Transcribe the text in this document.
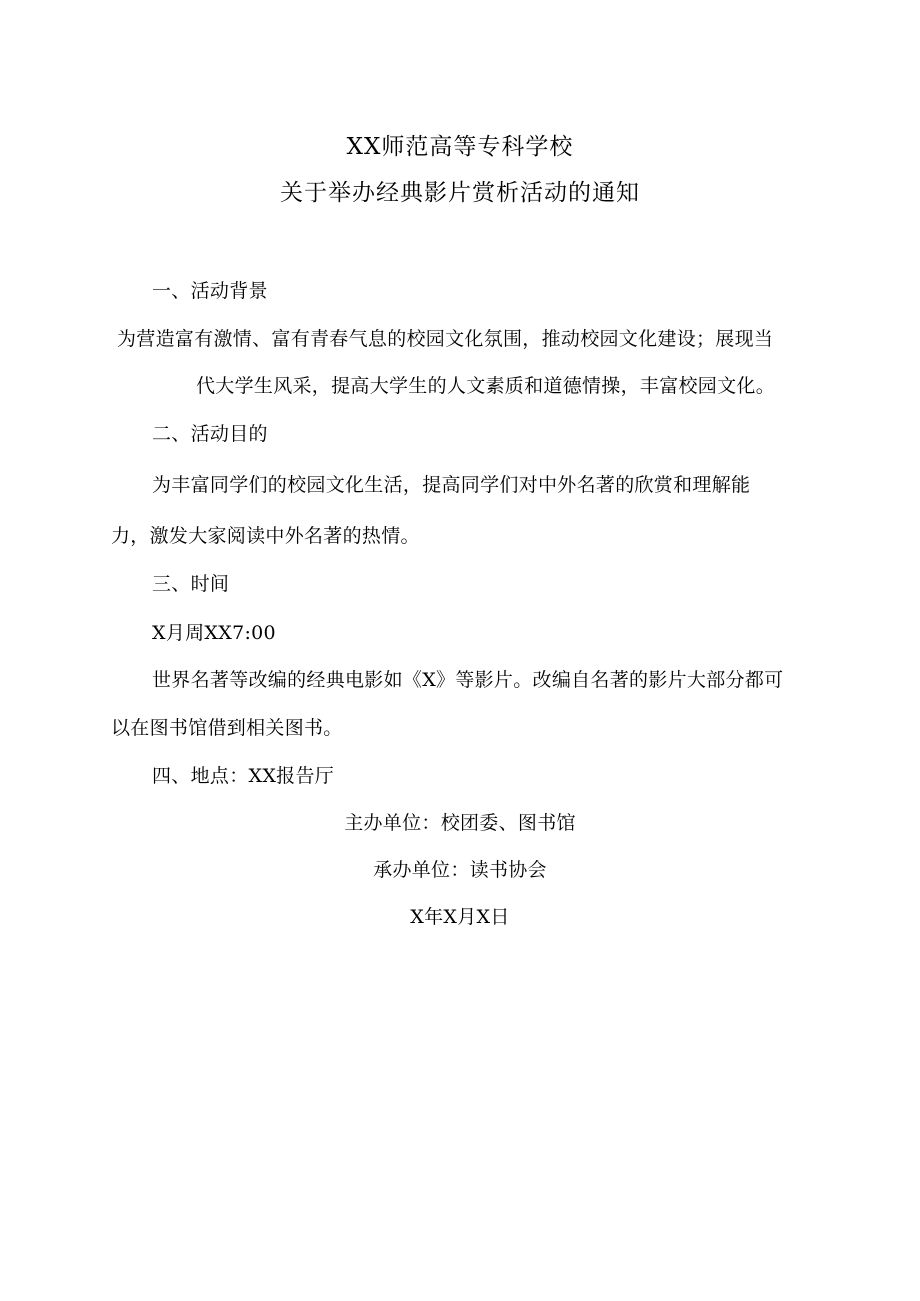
XX师范高等专科学校
关于举办经典影片赏析活动的通知
一、活动背景
为营造富有激情、富有青春气息的校园文化氛围，推动校园文化建设；展现当
代大学生风采，提高大学生的人文素质和道德情操，丰富校园文化。
二、活动目的
为丰富同学们的校园文化生活，提高同学们对中外名著的欣赏和理解能
力，激发大家阅读中外名著的热情。
三、时间
X月周XX7:00
世界名著等改编的经典电影如《X》等影片。改编自名著的影片大部分都可
以在图书馆借到相关图书。
四、地点：XX报告厅
主办单位：校团委、图书馆
承办单位：读书协会
X年X月X日
